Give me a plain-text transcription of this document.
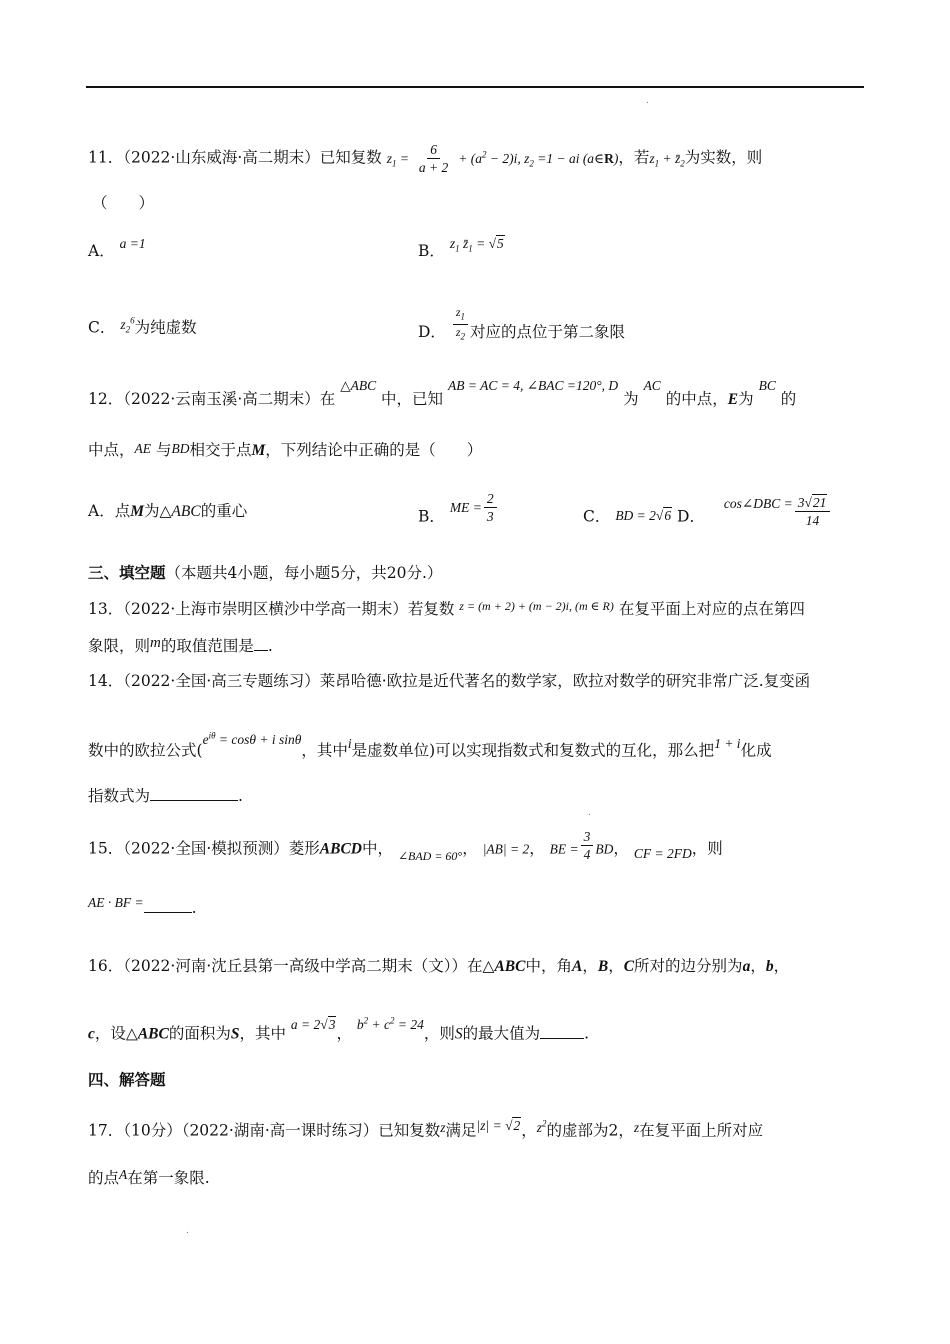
.
11．（2022·山东威海·高二期末）已知复数 $z_1 = \frac{6}{a + 2} + (a^2 - 2)i$, $z_2 =1$ − ai (a∈R)，若$z_1$ + $z̄_2$为实数，则
（　　）
A． a =1	B． $z_1$ $z̄_1 = √5$
C． $z_2^6$为纯虚数	D． $\frac{z_1}{z_2}$ 对应的点位于第二象限
12．（2022·云南玉溪·高二期末）在 △ABC 中，已知 AB = AC = 4, ∠BAC =120°, D 为 AC 的中点，E为 BC 的
中点，AE 与BD相交于点M，下列结论中正确的是（　　）
A．点M为△ABC的重心	B． ME = $\frac{2}{3}$	C． BD = 2√6 D． cos∠DBC = $\frac{3√21}{14}$
三、填空题（本题共4小题，每小题5分，共20分.）
13．（2022·上海市崇明区横沙中学高一期末）若复数 $^{z = (m + 2) + (m - 2)i, (m \in R)}$ 在复平面上对应的点在第四
象限，则m的取值范围是 .
14．（2022·全国·高三专题练习）莱昂哈德·欧拉是近代著名的数学家，欧拉对数学的研究非常广泛.复变函
数中的欧拉公式($e^{i\theta} = \cos\theta + i$ sinθ，其中i是虚数单位)可以实现指数式和复数式的互化，那么把1 + i化成
指数式为	.
.
15．（2022·全国·模拟预测）菱形ABCD中， $_{\angle BAD = 60^\circ}$， |AB| = 2， BE = $\frac{3}{4}$ BD， CF = 2FD，则
AE · BF =	.
16．（2022·河南·沈丘县第一高级中学高二期末（文））在△ABC中，角A，B，C所对的边分别为a，b，
c，设△ABC的面积为S，其中 a = 2√3， $b^2 + c^2 = 24$，则S的最大值为	.
四、解答题
17．（10分）（2022·湖南·高一课时练习）已知复数z满足|z| = √2，$z^2$的虚部为2，z在复平面上所对应
的点A在第一象限.
.
